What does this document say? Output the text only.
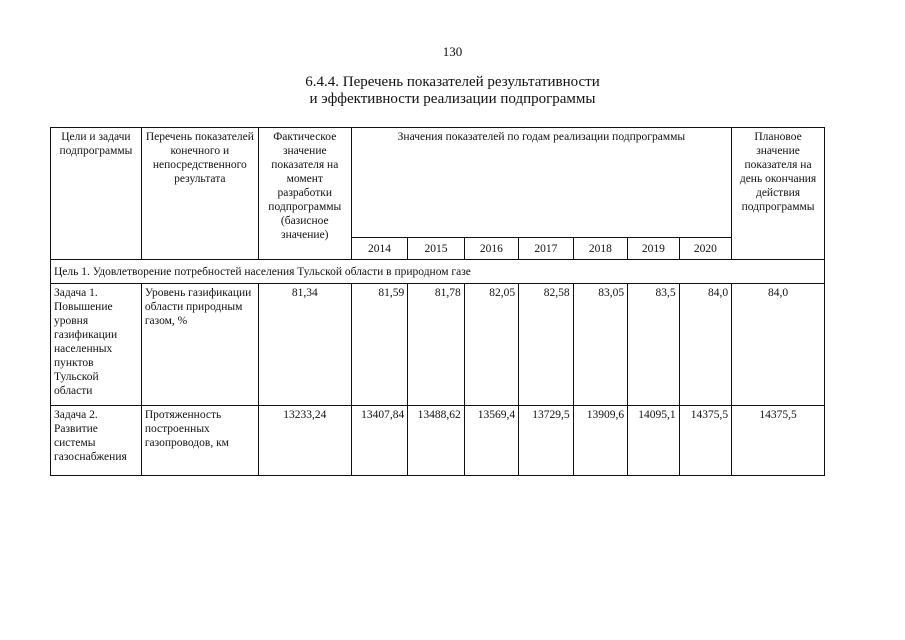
130
6.4.4. Перечень показателей результативности
и эффективности реализации подпрограммы
Цели и задачи подпрограммы	Перечень показателей конечного и непосредственного результата	Фактическое значение показателя на момент разработки подпрограммы (базисное значение)	Значения показателей по годам реализации подпрограммы							Плановое значение показателя на день окончания действия подпрограммы
			2014	2015	2016	2017	2018	2019	2020	
Цель 1. Удовлетворение потребностей населения Тульской области в природном газе										
Задача 1. Повышение уровня газификации населенных пунктов Тульской области	Уровень газификации области природным газом, %	81,34	81,59	81,78	82,05	82,58	83,05	83,5	84,0	84,0
Задача 2. Развитие системы газоснабжения	Протяженность построенных газопроводов, км	13233,24	13407,84	13488,62	13569,4	13729,5	13909,6	14095,1	14375,5	14375,5
